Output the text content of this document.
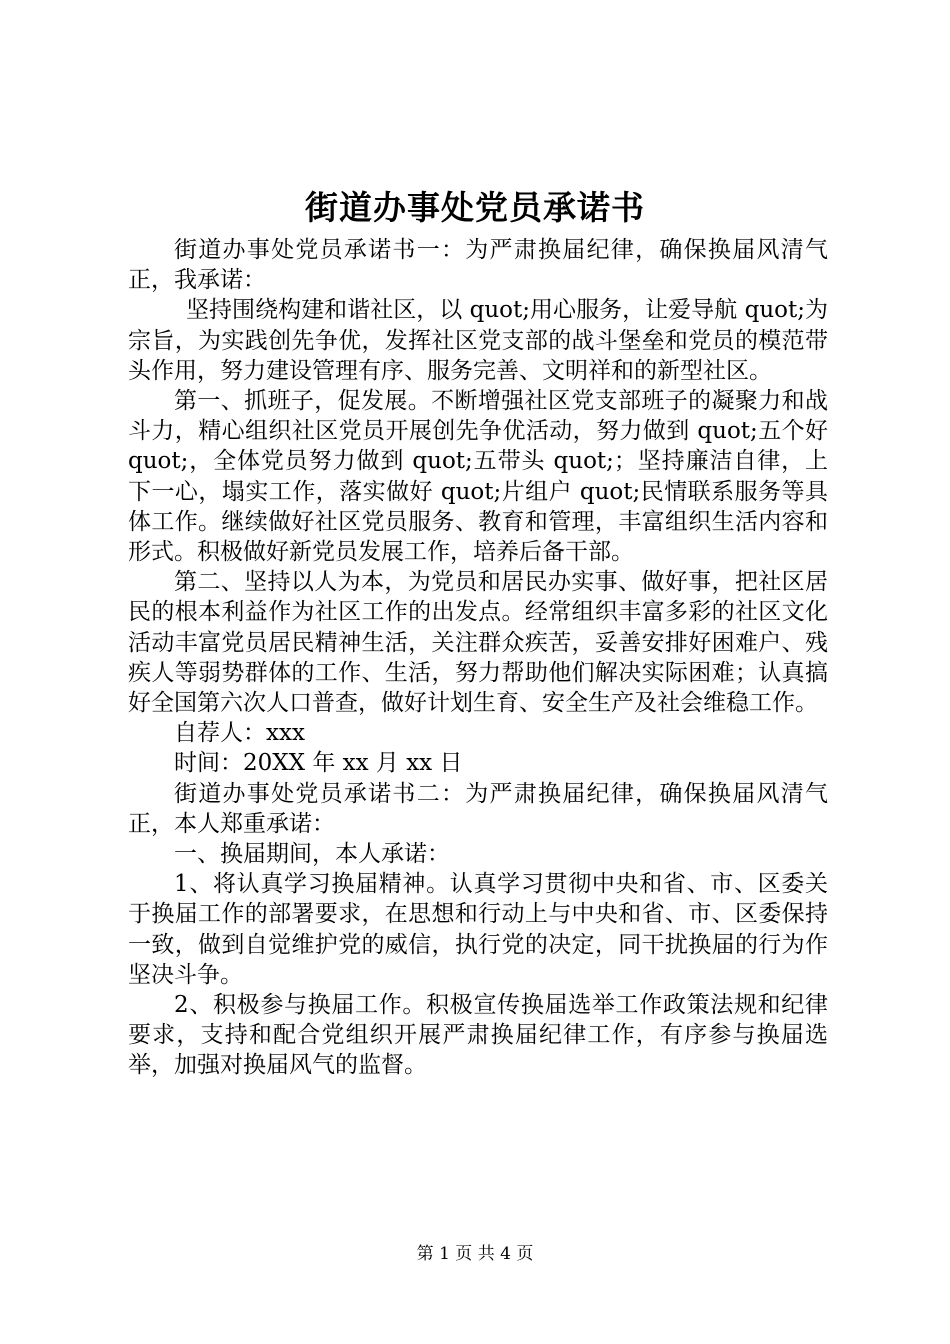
街道办事处党员承诺书

街道办事处党员承诺书一：为严肃换届纪律，确保换届风清气正，我承诺：

坚持围绕构建和谐社区，以 quot;用心服务，让爱导航 quot;为宗旨，为实践创先争优，发挥社区党支部的战斗堡垒和党员的模范带头作用，努力建设管理有序、服务完善、文明祥和的新型社区。

第一、抓班子，促发展。不断增强社区党支部班子的凝聚力和战斗力，精心组织社区党员开展创先争优活动，努力做到 quot;五个好 quot;，全体党员努力做到 quot;五带头 quot;；坚持廉洁自律，上下一心，塌实工作，落实做好 quot;片组户 quot;民情联系服务等具体工作。继续做好社区党员服务、教育和管理，丰富组织生活内容和形式。积极做好新党员发展工作，培养后备干部。

第二、坚持以人为本，为党员和居民办实事、做好事，把社区居民的根本利益作为社区工作的出发点。经常组织丰富多彩的社区文化活动丰富党员居民精神生活，关注群众疾苦，妥善安排好困难户、残疾人等弱势群体的工作、生活，努力帮助他们解决实际困难；认真搞好全国第六次人口普查，做好计划生育、安全生产及社会维稳工作。

自荐人：xxx

时间：20XX 年 xx 月 xx 日

街道办事处党员承诺书二：为严肃换届纪律，确保换届风清气正，本人郑重承诺：

一、换届期间，本人承诺：

1、将认真学习换届精神。认真学习贯彻中央和省、市、区委关于换届工作的部署要求，在思想和行动上与中央和省、市、区委保持一致，做到自觉维护党的威信，执行党的决定，同干扰换届的行为作坚决斗争。

2、积极参与换届工作。积极宣传换届选举工作政策法规和纪律要求，支持和配合党组织开展严肃换届纪律工作，有序参与换届选举，加强对换届风气的监督。

第 1 页 共 4 页
